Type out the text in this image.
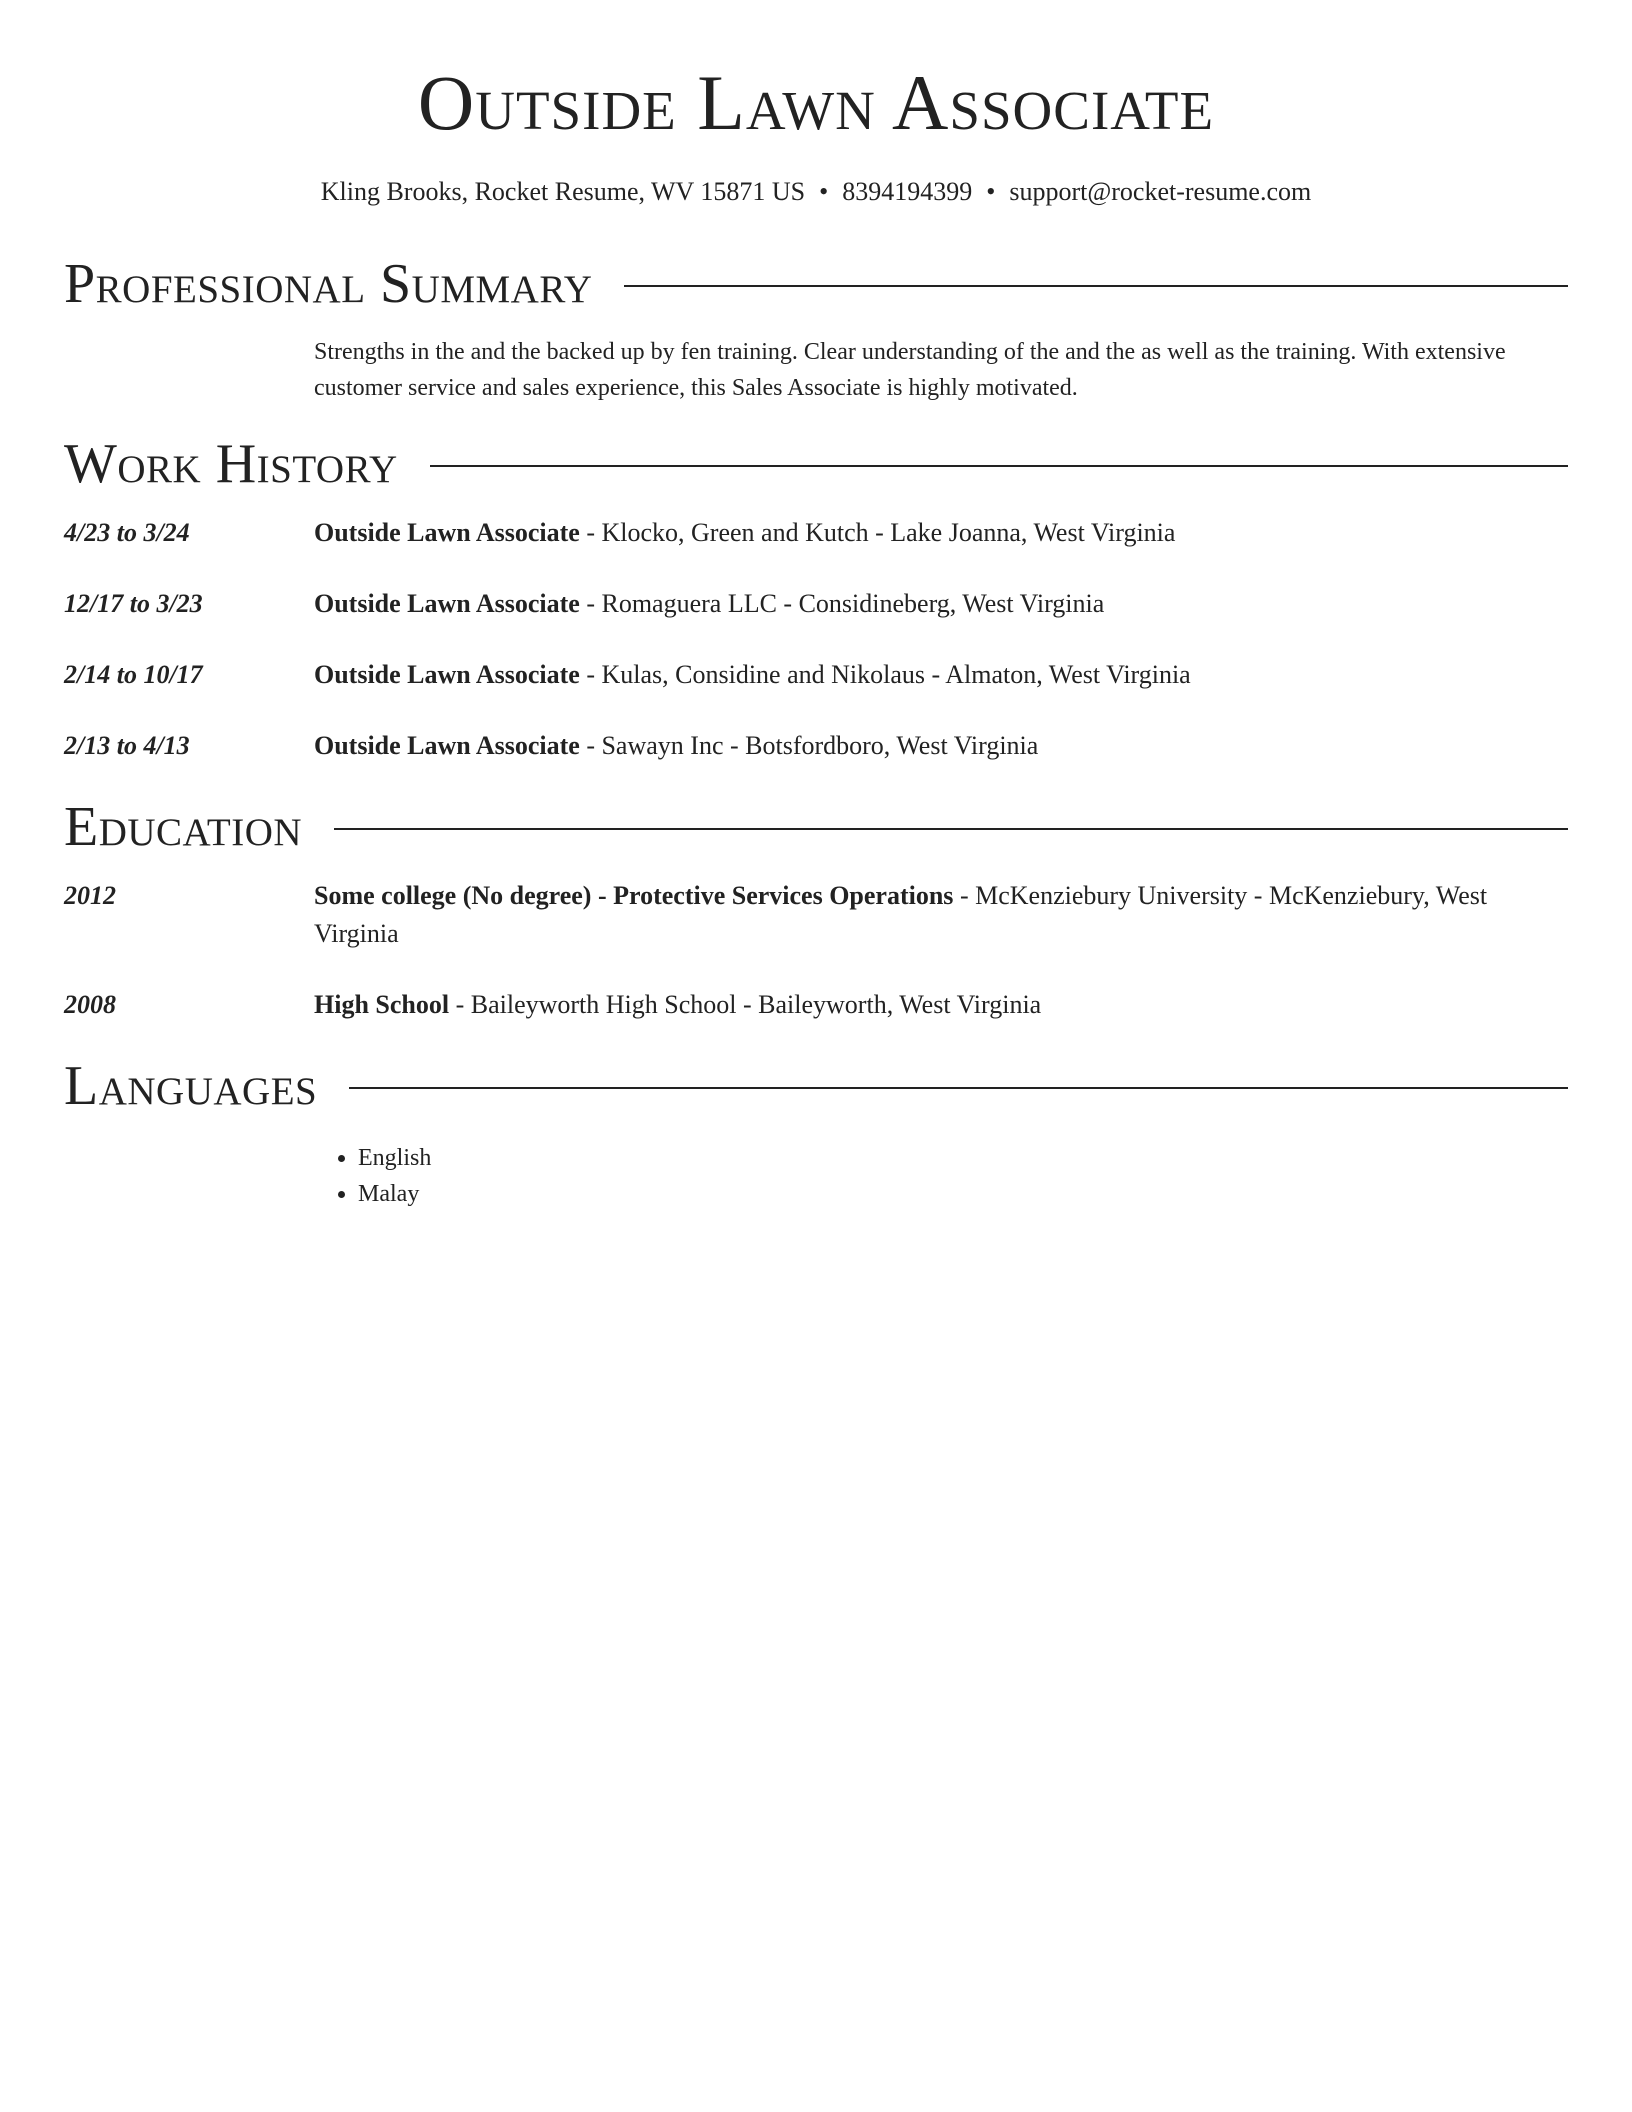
Outside Lawn Associate
Kling Brooks, Rocket Resume, WV 15871 US • 8394194399 • support@rocket-resume.com
Professional Summary
Strengths in the and the backed up by fen training. Clear understanding of the and the as well as the training. With extensive customer service and sales experience, this Sales Associate is highly motivated.
Work History
4/23 to 3/24	Outside Lawn Associate - Klocko, Green and Kutch - Lake Joanna, West Virginia
12/17 to 3/23	Outside Lawn Associate - Romaguera LLC - Considineberg, West Virginia
2/14 to 10/17	Outside Lawn Associate - Kulas, Considine and Nikolaus - Almaton, West Virginia
2/13 to 4/13	Outside Lawn Associate - Sawayn Inc - Botsfordboro, West Virginia
Education
2012	Some college (No degree) - Protective Services Operations - McKenziebury University - McKenziebury, West Virginia
2008	High School - Baileyworth High School - Baileyworth, West Virginia
Languages
• English
• Malay
